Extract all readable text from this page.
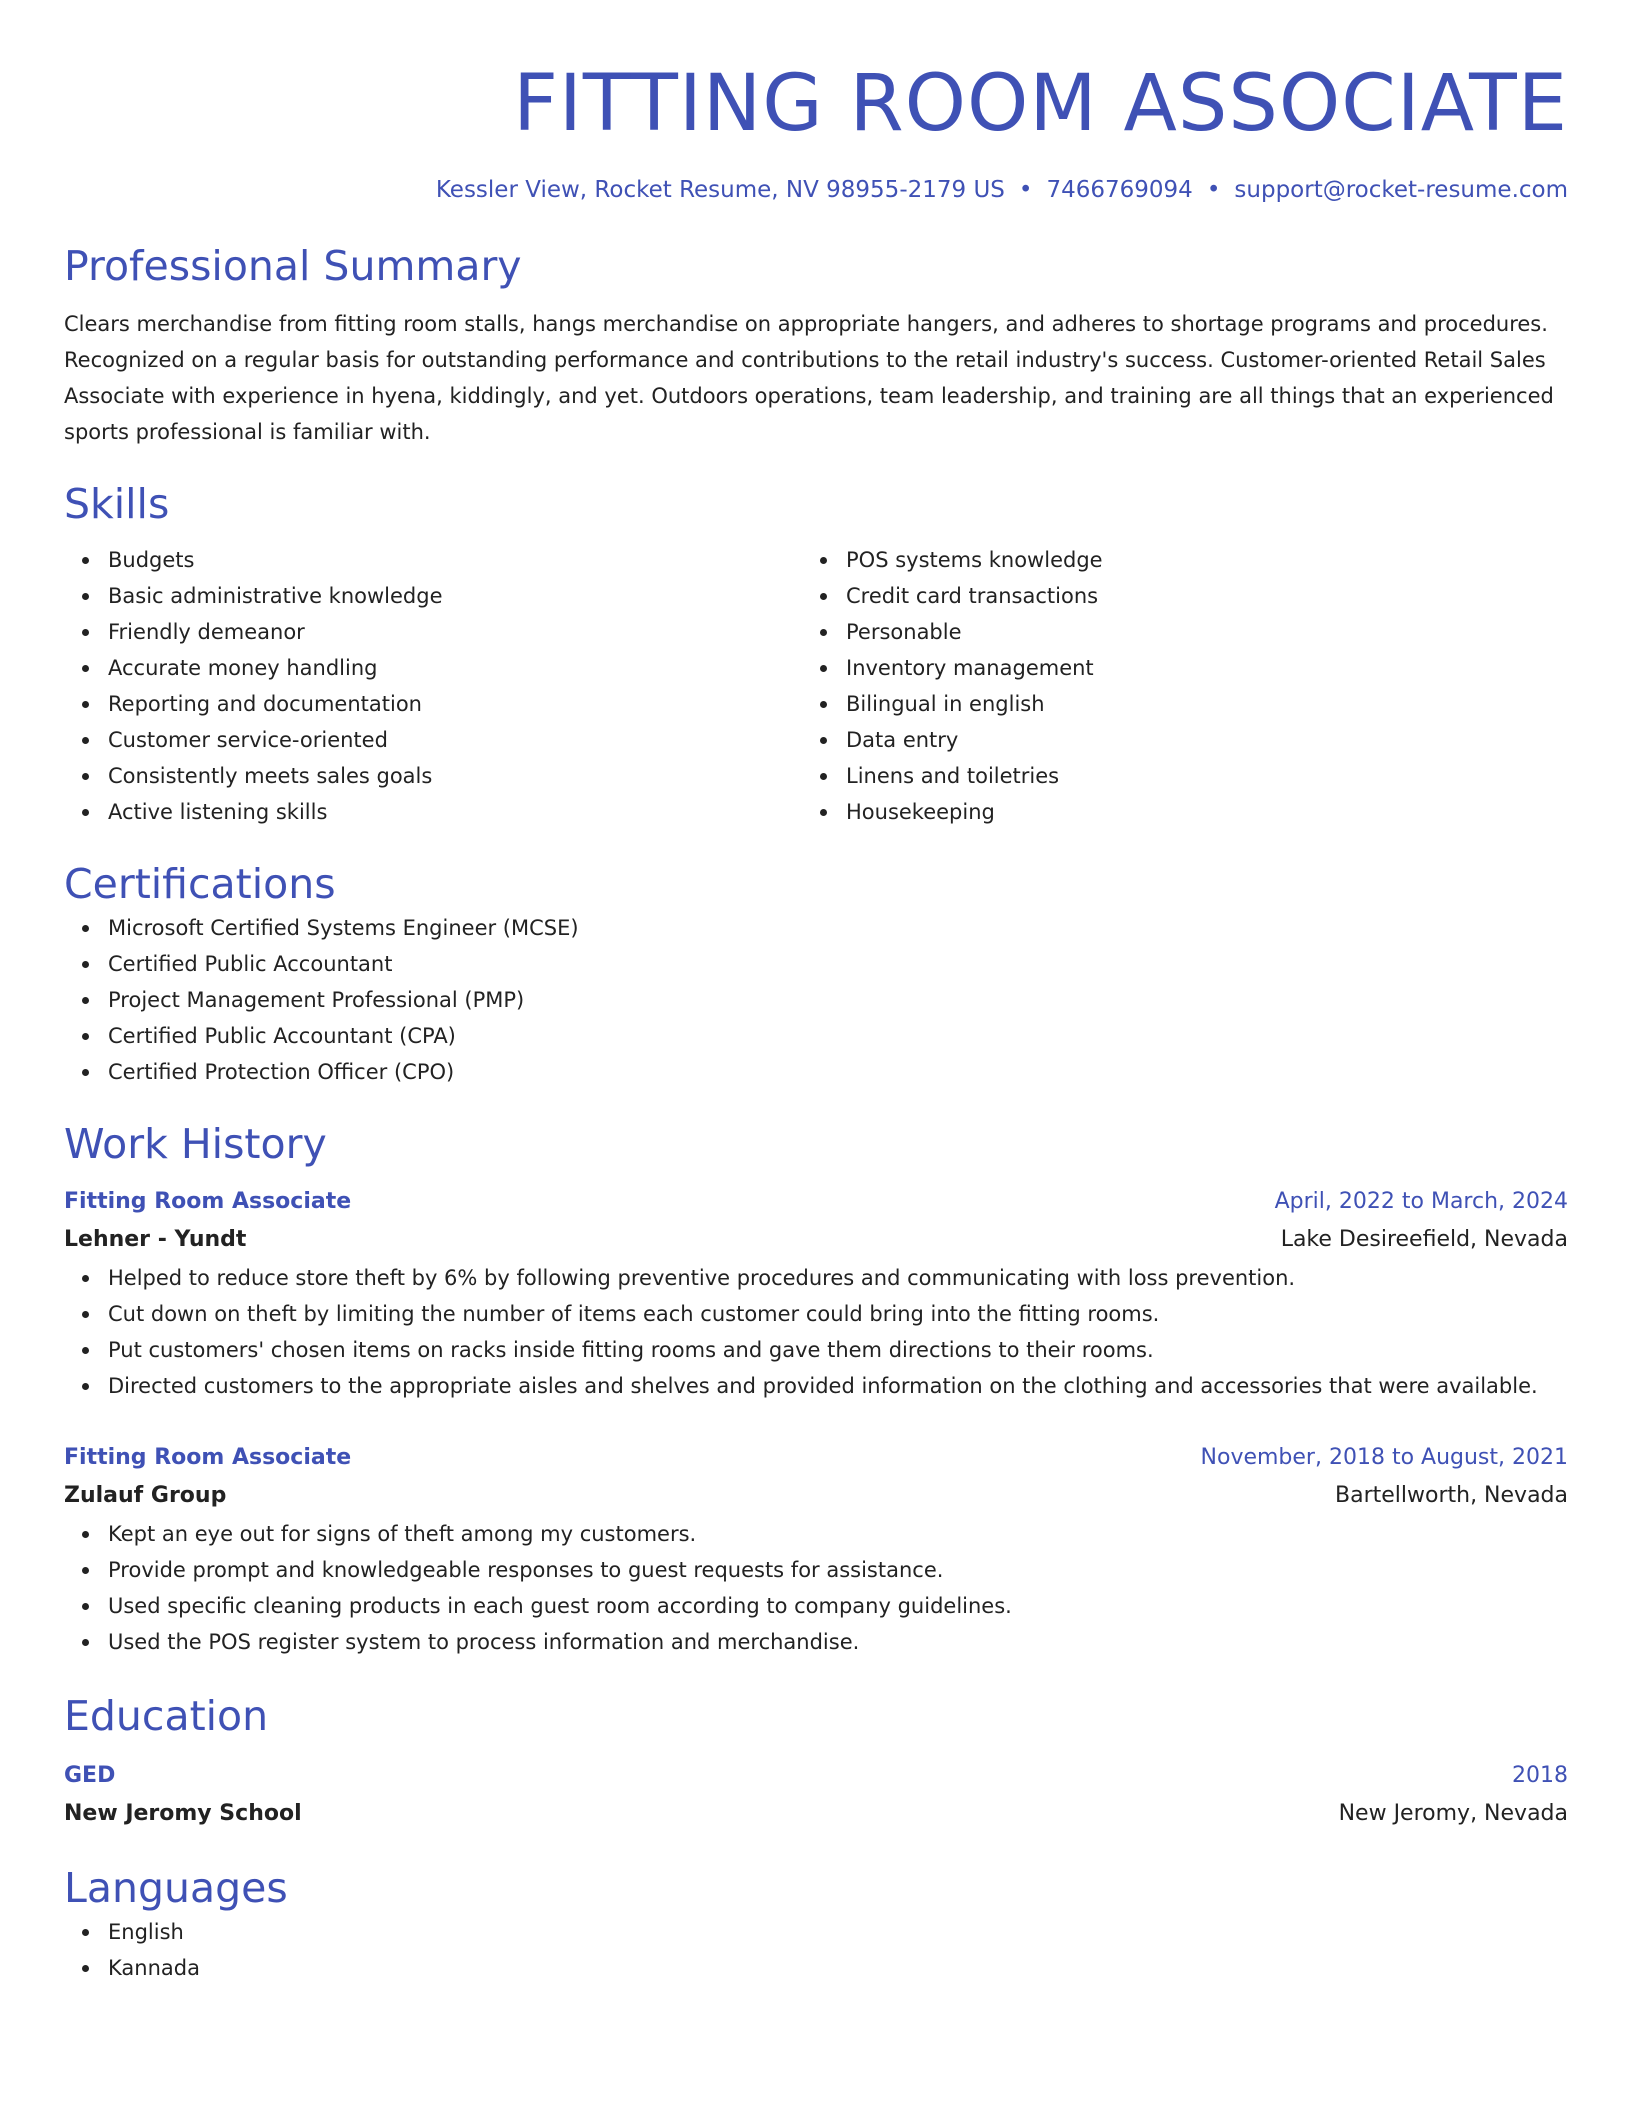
FITTING ROOM ASSOCIATE
Kessler View, Rocket Resume, NV 98955-2179 US • 7466769094 • support@rocket-resume.com
Professional Summary

Clears merchandise from fitting room stalls, hangs merchandise on appropriate hangers, and adheres to shortage programs and procedures. Recognized on a regular basis for outstanding performance and contributions to the retail industry's success. Customer-oriented Retail Sales Associate with experience in hyena, kiddingly, and yet. Outdoors operations, team leadership, and training are all things that an experienced sports professional is familiar with.

Skills
Budgets
Basic administrative knowledge
Friendly demeanor
Accurate money handling
Reporting and documentation
Customer service-oriented
Consistently meets sales goals
Active listening skills
POS systems knowledge
Credit card transactions
Personable
Inventory management
Bilingual in english
Data entry
Linens and toiletries
Housekeeping
Certifications
Microsoft Certified Systems Engineer (MCSE)
Certified Public Accountant
Project Management Professional (PMP)
Certified Public Accountant (CPA)
Certified Protection Officer (CPO)
Work History
Fitting Room Associate	April, 2022 to March, 2024
Lehner - Yundt	Lake Desireefield, Nevada
Helped to reduce store theft by 6% by following preventive procedures and communicating with loss prevention.
Cut down on theft by limiting the number of items each customer could bring into the fitting rooms.
Put customers' chosen items on racks inside fitting rooms and gave them directions to their rooms.
Directed customers to the appropriate aisles and shelves and provided information on the clothing and accessories that were available.
Fitting Room Associate	November, 2018 to August, 2021
Zulauf Group	Bartellworth, Nevada
Kept an eye out for signs of theft among my customers.
Provide prompt and knowledgeable responses to guest requests for assistance.
Used specific cleaning products in each guest room according to company guidelines.
Used the POS register system to process information and merchandise.
Education
GED	2018
New Jeromy School	New Jeromy, Nevada
Languages
English
Kannada
